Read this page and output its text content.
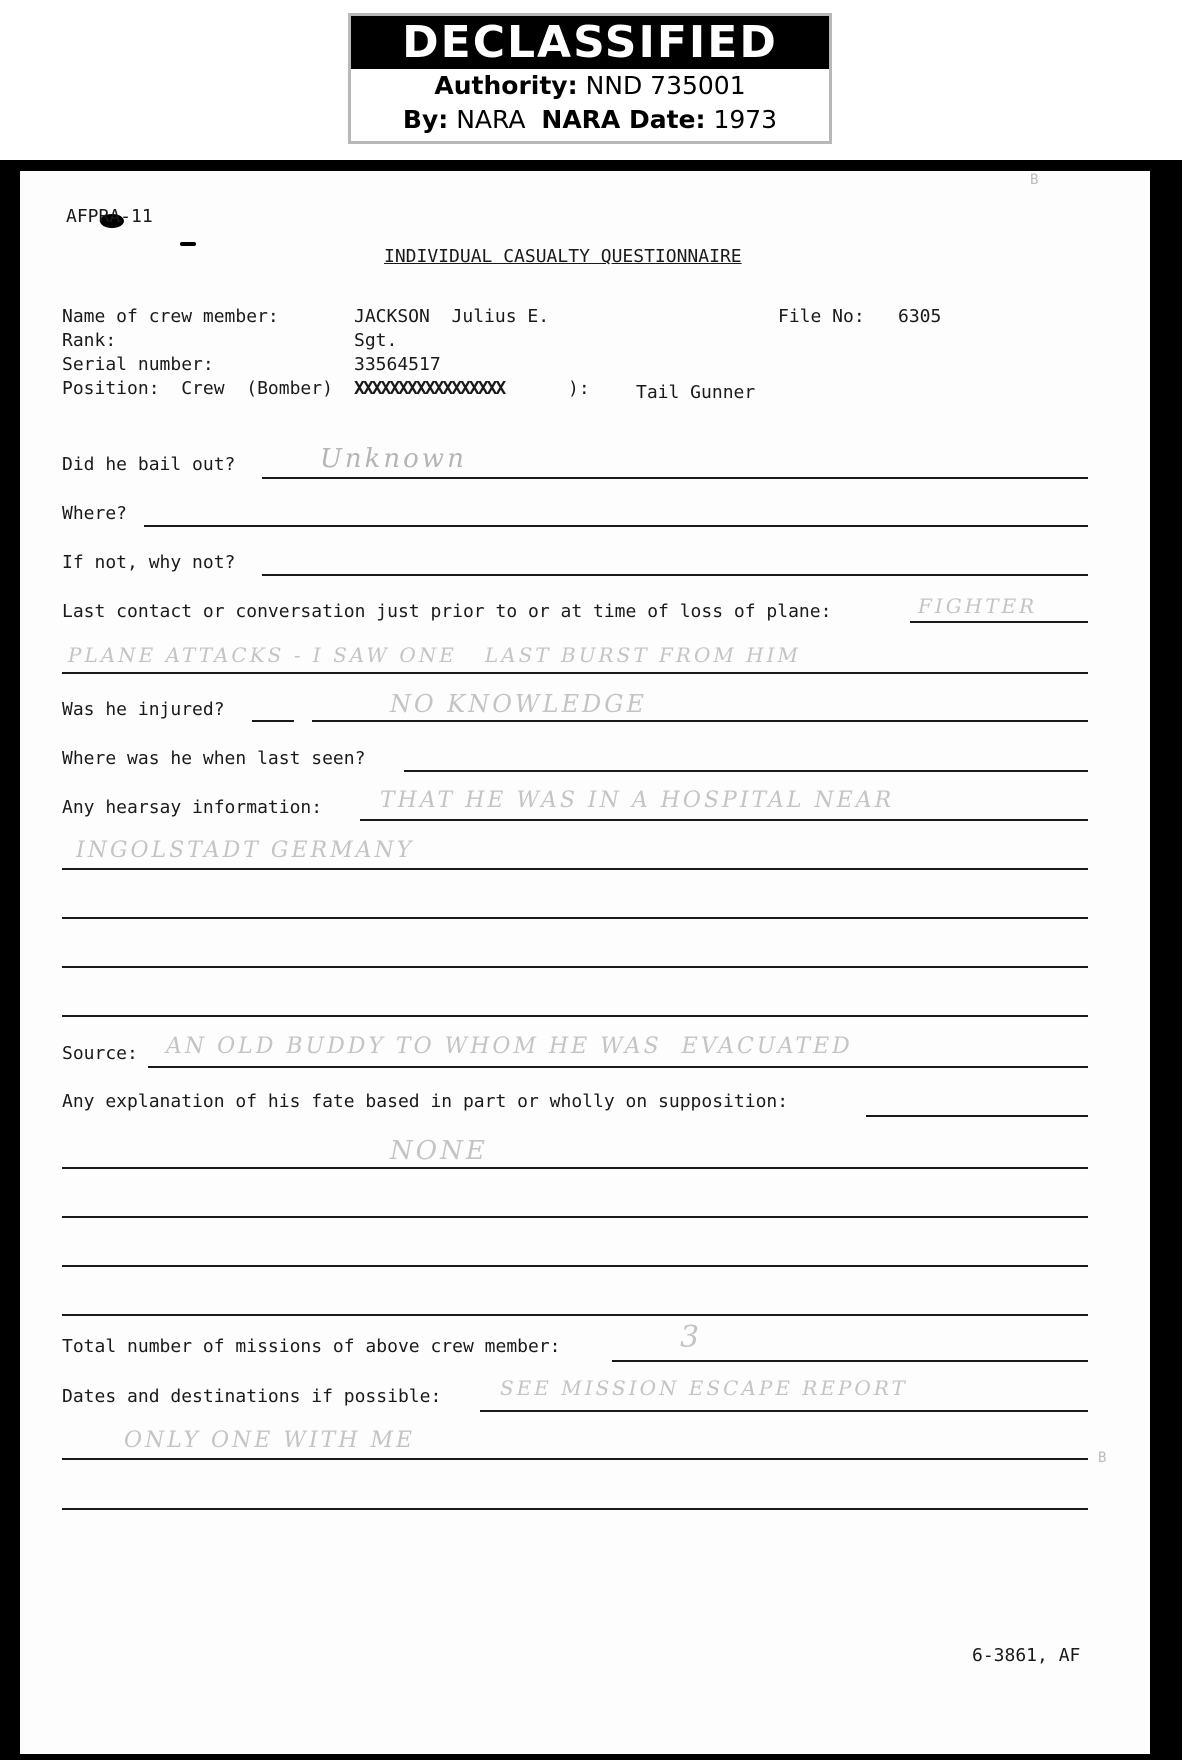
DECLASSIFIED
Authority: NND 735001
By: NARA NARA Date: 1973
B
B
AFPRA-11
INDIVIDUAL CASUALTY QUESTIONNAIRE
Name of crew member:	JACKSON  Julius E.	File No: 6305
Rank:	Sgt.
Serial number:	33564517
Position:  Crew  (Bomber) XXXXXXXXXXXXXXXXX	):	Tail Gunner
Did he bail out?	Unknown
Where?
If not, why not?
Last contact or conversation just prior to or at time of loss of plane:	FIGHTER
PLANE ATTACKS - I SAW ONE   LAST BURST FROM HIM
Was he injured?	NO KNOWLEDGE
Where was he when last seen?
Any hearsay information:	THAT HE WAS IN A HOSPITAL NEAR
INGOLSTADT GERMANY
Source: AN OLD BUDDY TO WHOM HE WAS  EVACUATED
Any explanation of his fate based in part or wholly on supposition:
NONE
Total number of missions of above crew member:	3
Dates and destinations if possible:	SEE MISSION ESCAPE REPORT
ONLY ONE WITH ME
6-3861, AF
